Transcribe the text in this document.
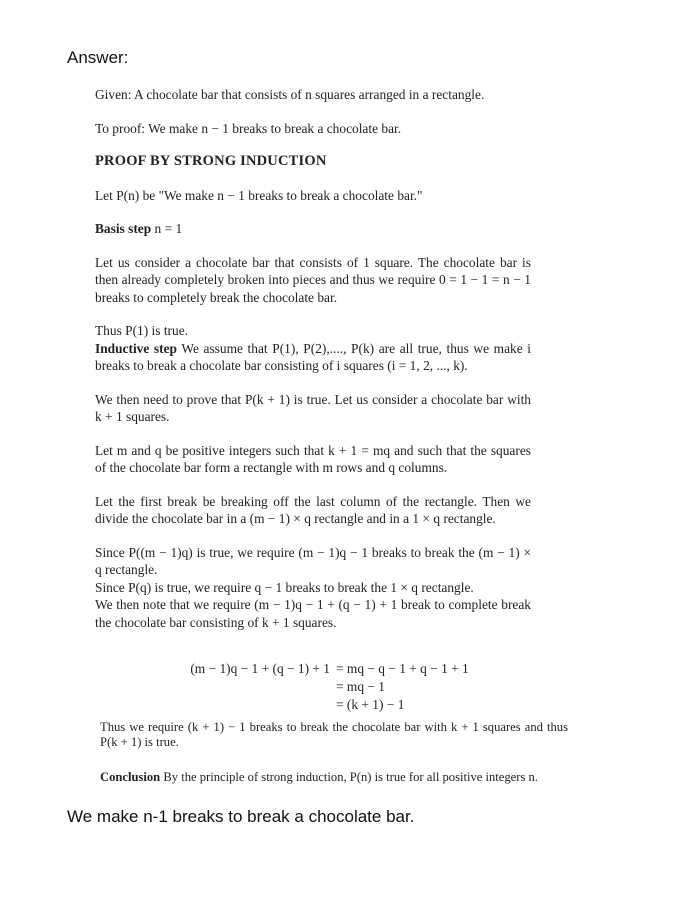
Answer:

Given: A chocolate bar that consists of n squares arranged in a rectangle.

To proof: We make n − 1 breaks to break a chocolate bar.

PROOF BY STRONG INDUCTION

Let P(n) be "We make n − 1 breaks to break a chocolate bar."

Basis step n = 1

Let us consider a chocolate bar that consists of 1 square. The chocolate bar is then already completely broken into pieces and thus we require 0 = 1 − 1 = n − 1 breaks to completely break the chocolate bar.

Thus P(1) is true.

Inductive step We assume that P(1), P(2),...., P(k) are all true, thus we make i breaks to break a chocolate bar consisting of i squares (i = 1, 2, ..., k).

We then need to prove that P(k + 1) is true. Let us consider a chocolate bar with k + 1 squares.

Let m and q be positive integers such that k + 1 = mq and such that the squares of the chocolate bar form a rectangle with m rows and q columns.

Let the first break be breaking off the last column of the rectangle. Then we divide the chocolate bar in a (m − 1) × q rectangle and in a 1 × q rectangle.

Since P((m − 1)q) is true, we require (m − 1)q − 1 breaks to break the (m − 1) × q rectangle.

Since P(q) is true, we require q − 1 breaks to break the 1 × q rectangle.

We then note that we require (m − 1)q − 1 + (q − 1) + 1 break to complete break the chocolate bar consisting of k + 1 squares.

(m − 1)q − 1 + (q − 1) + 1 = mq − q − 1 + q − 1 + 1
= mq − 1
= (k + 1) − 1

Thus we require (k + 1) − 1 breaks to break the chocolate bar with k + 1 squares and thus P(k + 1) is true.

Conclusion By the principle of strong induction, P(n) is true for all positive integers n.

We make n-1 breaks to break a chocolate bar.
